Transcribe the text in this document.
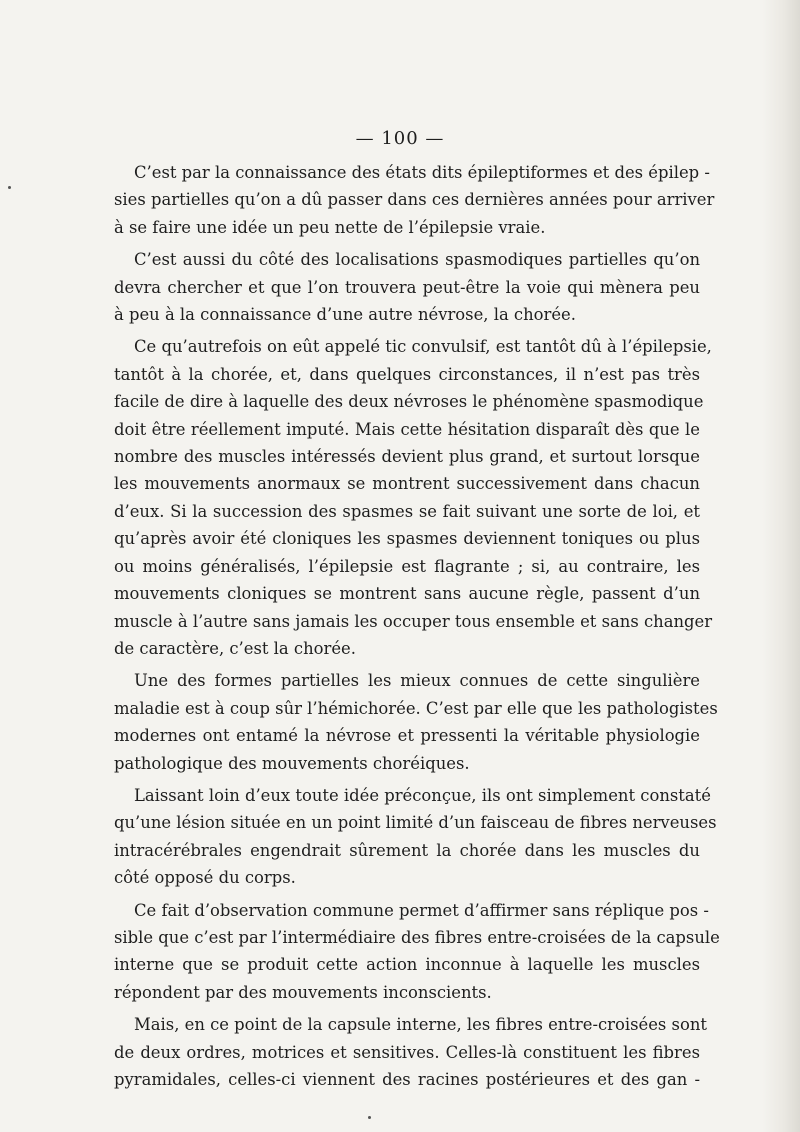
— 100 —
C’est par la connaissance des états dits épileptiformes et des épilep -
sies partielles qu’on a dû passer dans ces dernières années pour arriver
à se faire une idée un peu nette de l’épilepsie vraie.
C’est aussi du côté des localisations spasmodiques partielles qu’on
devra chercher et que l’on trouvera peut-être la voie qui mènera peu
à peu à la connaissance d’une autre névrose, la chorée.
Ce qu’autrefois on eût appelé tic convulsif, est tantôt dû à l’épilepsie,
tantôt à la chorée, et, dans quelques circonstances, il n’est pas très
facile de dire à laquelle des deux névroses le phénomène spasmodique
doit être réellement imputé. Mais cette hésitation disparaît dès que le
nombre des muscles intéressés devient plus grand, et surtout lorsque
les mouvements anormaux se montrent successivement dans chacun
d’eux. Si la succession des spasmes se fait suivant une sorte de loi, et
qu’après avoir été cloniques les spasmes deviennent toniques ou plus
ou moins généralisés, l’épilepsie est flagrante ; si, au contraire, les
mouvements cloniques se montrent sans aucune règle, passent d’un
muscle à l’autre sans jamais les occuper tous ensemble et sans changer
de caractère, c’est la chorée.
Une des formes partielles les mieux connues de cette singulière
maladie est à coup sûr l’hémichorée. C’est par elle que les pathologistes
modernes ont entamé la névrose et pressenti la véritable physiologie
pathologique des mouvements choréiques.
Laissant loin d’eux toute idée préconçue, ils ont simplement constaté
qu’une lésion située en un point limité d’un faisceau de fibres nerveuses
intracérébrales engendrait sûrement la chorée dans les muscles du
côté opposé du corps.
Ce fait d’observation commune permet d’affirmer sans réplique pos -
sible que c’est par l’intermédiaire des fibres entre-croisées de la capsule
interne que se produit cette action inconnue à laquelle les muscles
répondent par des mouvements inconscients.
Mais, en ce point de la capsule interne, les fibres entre-croisées sont
de deux ordres, motrices et sensitives. Celles-là constituent les fibres
pyramidales, celles-ci viennent des racines postérieures et des gan -
